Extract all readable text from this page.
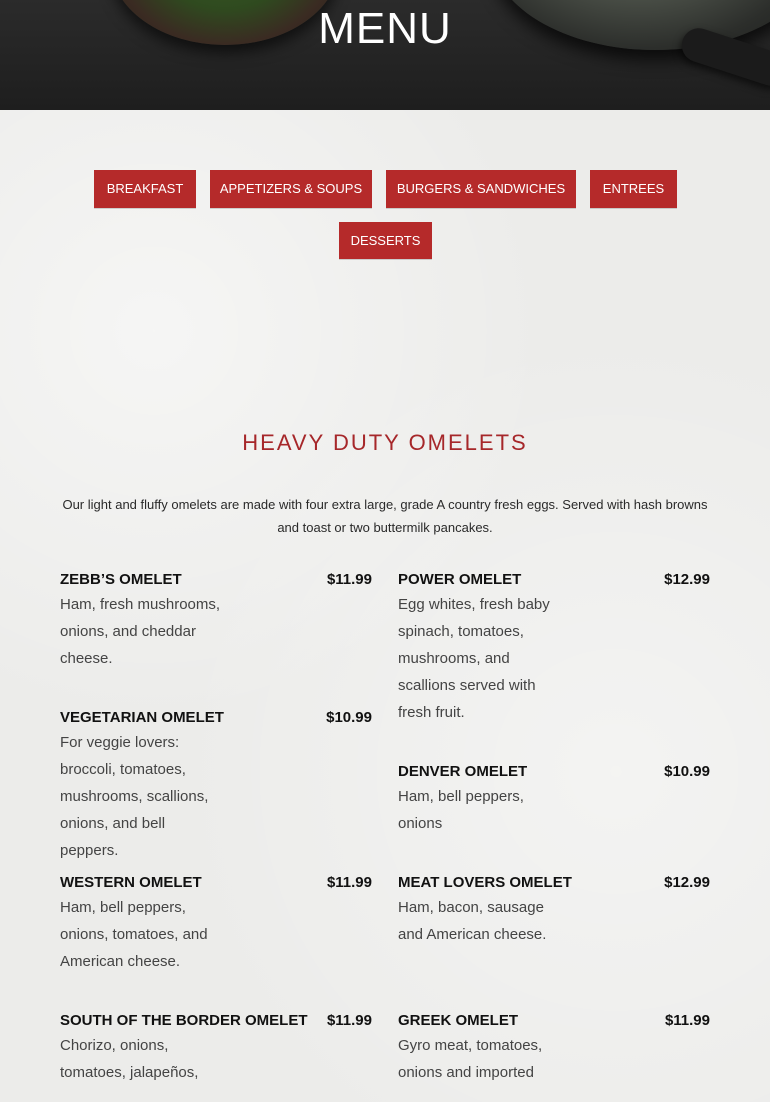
MENU
BREAKFAST	APPETIZERS & SOUPS	BURGERS & SANDWICHES	ENTREES
DESSERTS
HEAVY DUTY OMELETS
Our light and fluffy omelets are made with four extra large, grade A country fresh eggs. Served with hash browns and toast or two buttermilk pancakes.
ZEBB’S OMELET	$11.99
Ham, fresh mushrooms, onions, and cheddar cheese.
VEGETARIAN OMELET	$10.99
For veggie lovers: broccoli, tomatoes, mushrooms, scallions, onions, and bell peppers.
WESTERN OMELET	$11.99
Ham, bell peppers, onions, tomatoes, and American cheese.
SOUTH OF THE BORDER OMELET $11.99
Chorizo, onions, tomatoes, jalapeños,
POWER OMELET	$12.99
Egg whites, fresh baby spinach, tomatoes, mushrooms, and scallions served with fresh fruit.
DENVER OMELET	$10.99
Ham, bell peppers, onions
MEAT LOVERS OMELET	$12.99
Ham, bacon, sausage and American cheese.
GREEK OMELET	$11.99
Gyro meat, tomatoes, onions and imported
